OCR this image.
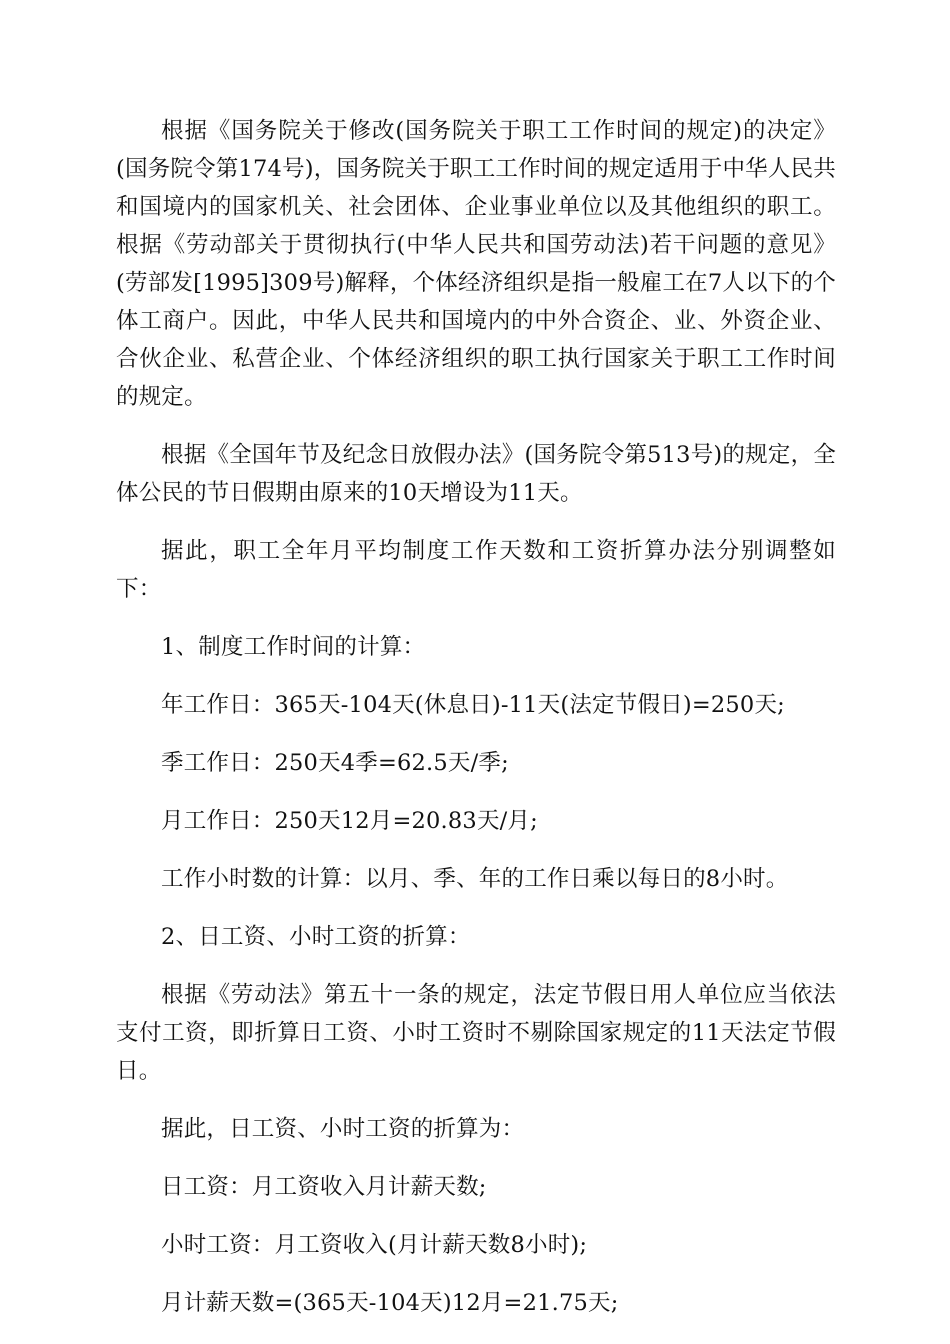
根据《国务院关于修改(国务院关于职工工作时间的规定)的决定》(国务院令第174号)，国务院关于职工工作时间的规定适用于中华人民共和国境内的国家机关、社会团体、企业事业单位以及其他组织的职工。根据《劳动部关于贯彻执行(中华人民共和国劳动法)若干问题的意见》(劳部发[1995]309号)解释，个体经济组织是指一般雇工在7人以下的个体工商户。因此，中华人民共和国境内的中外合资企、业、外资企业、合伙企业、私营企业、个体经济组织的职工执行国家关于职工工作时间的规定。

根据《全国年节及纪念日放假办法》(国务院令第513号)的规定，全体公民的节日假期由原来的10天增设为11天。

据此，职工全年月平均制度工作天数和工资折算办法分别调整如下：

1、制度工作时间的计算：

年工作日：365天-104天(休息日)-11天(法定节假日)=250天;

季工作日：250天4季=62.5天/季;

月工作日：250天12月=20.83天/月;

工作小时数的计算：以月、季、年的工作日乘以每日的8小时。

2、日工资、小时工资的折算：

根据《劳动法》第五十一条的规定，法定节假日用人单位应当依法支付工资，即折算日工资、小时工资时不剔除国家规定的11天法定节假日。

据此，日工资、小时工资的折算为：

日工资：月工资收入月计薪天数;

小时工资：月工资收入(月计薪天数8小时);

月计薪天数=(365天-104天)12月=21.75天;
